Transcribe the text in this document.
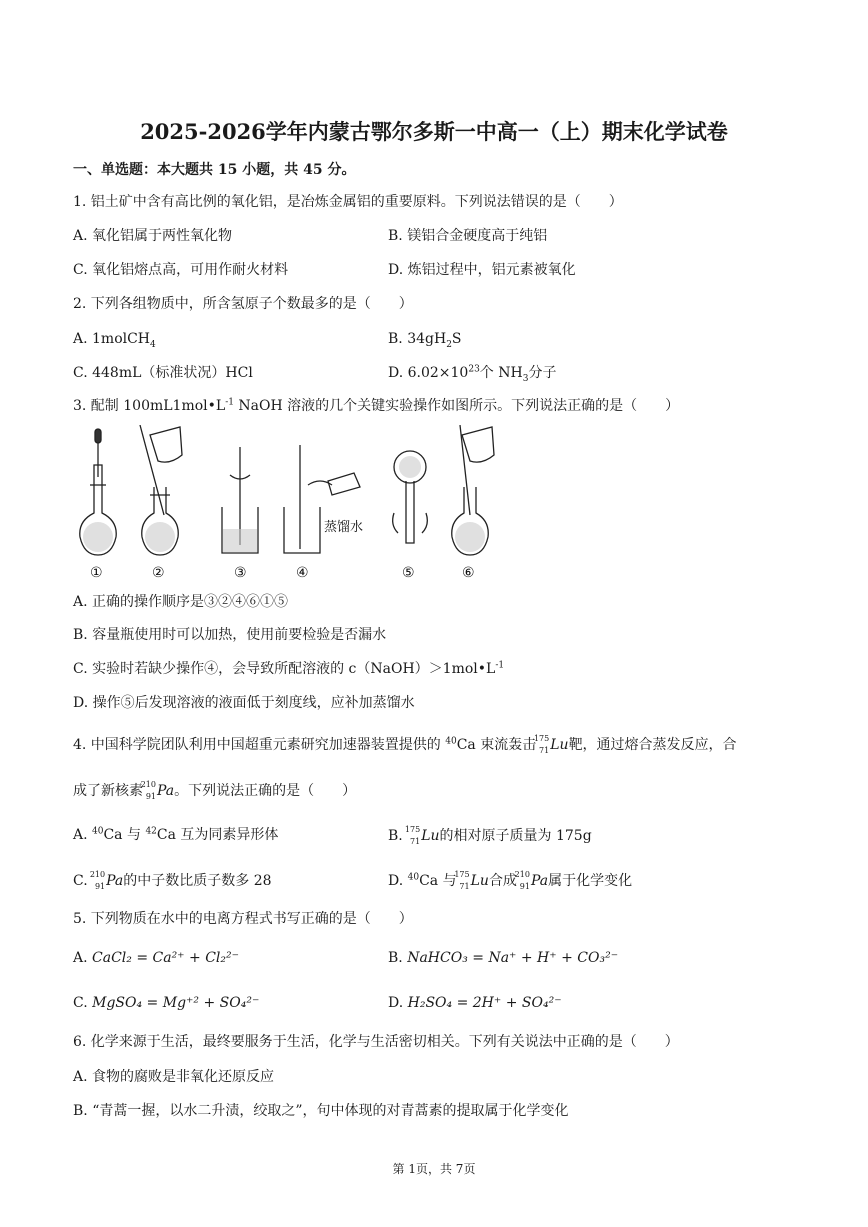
2025-2026学年内蒙古鄂尔多斯一中高一（上）期末化学试卷
一、单选题：本大题共 15 小题，共 45 分。
1. 铝土矿中含有高比例的氧化铝，是冶炼金属铝的重要原料。下列说法错误的是（　　）
A. 氧化铝属于两性氧化物	B. 镁铝合金硬度高于纯铝
C. 氧化铝熔点高，可用作耐火材料	D. 炼铝过程中，铝元素被氧化
2. 下列各组物质中，所含氢原子个数最多的是（　　）
A. 1molCH$_4$	B. $34gH_2S$
C. 448mL（标准状况）HCl	D. $6.02\times 10^{23}$个 $NH_3$分子
3. 配制 $100mL1mol•L^{-1}$ NaOH 溶液的几个关键实验操作如图所示。下列说法正确的是（　　）
①	②	③	④	⑤
蒸馏水
⑥
A. 正确的操作顺序是③②④⑥①⑤
B. 容量瓶使用时可以加热，使用前要检验是否漏水
C. 实验时若缺少操作④，会导致所配溶液的 $c(NaOH)>1mol•L^{-1}$
D. 操作⑤后发现溶液的液面低于刻度线，应补加蒸馏水
4. 中国科学院团队利用中国超重元素研究加速器装置提供的 $^{40}$Ca 束流轰击
175
71 Lu靶，通过熔合蒸发反应，合
成了新核素
210
91 Pa。下列说法正确的是（　　）
A. $^{40}$Ca 与 $^{42}$Ca 互为同素异形体	B.
175
71 Lu的相对原子质量为 175g
C.
210
91 Pa的中子数比质子数多 28	D. $^{40}$Ca 与
175
71 Lu合成
210
91 Pa属于化学变化
5. 下列物质在水中的电离方程式书写正确的是（　　）
A. CaCl₂ = Ca²⁺ + Cl₂²⁻	B. NaHCO₃ = Na⁺ + H⁺ + CO₃²⁻
C. MgSO₄ = Mg⁺² + SO₄²⁻	D. H₂SO₄ = 2H⁺ + SO₄²⁻
6. 化学来源于生活，最终要服务于生活，化学与生活密切相关。下列有关说法中正确的是（　　）
A. 食物的腐败是非氧化还原反应
B. “青蒿一握，以水二升渍，绞取之”，句中体现的对青蒿素的提取属于化学变化
第 1页，共 7页
